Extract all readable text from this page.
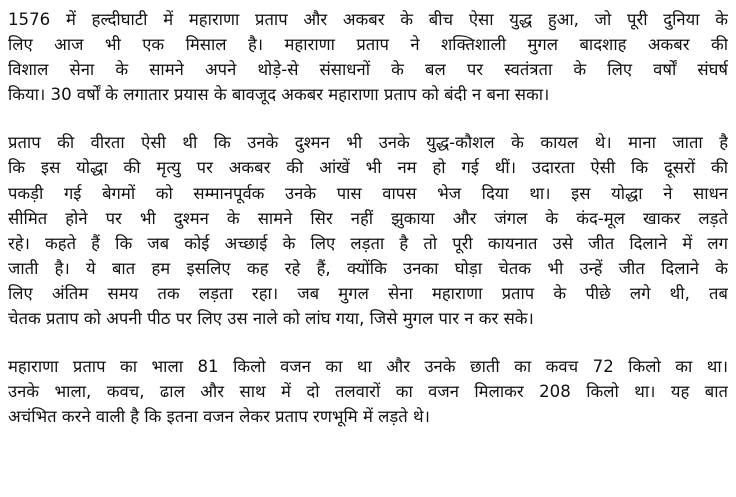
1576 में हल्दीघाटी में महाराणा प्रताप और अकबर के बीच ऐसा युद्ध हुआ, जो पूरी दुनिया के
लिए आज भी एक मिसाल है। महाराणा प्रताप ने शक्तिशाली मुगल बादशाह अकबर की
विशाल सेना के सामने अपने थोड़े-से संसाधनों के बल पर स्वतंत्रता के लिए वर्षों संघर्ष
किया। 30 वर्षों के लगातार प्रयास के बावजूद अकबर महाराणा प्रताप को बंदी न बना सका।
प्रताप की वीरता ऐसी थी कि उनके दुश्मन भी उनके युद्ध-कौशल के कायल थे। माना जाता है
कि इस योद्धा की मृत्यु पर अकबर की आंखें भी नम हो गई थीं। उदारता ऐसी कि दूसरों की
पकड़ी गई बेगमों को सम्मानपूर्वक उनके पास वापस भेज दिया था। इस योद्धा ने साधन
सीमित होने पर भी दुश्मन के सामने सिर नहीं झुकाया और जंगल के कंद-मूल खाकर लड़ते
रहे। कहते हैं कि जब कोई अच्छाई के लिए लड़ता है तो पूरी कायनात उसे जीत दिलाने में लग
जाती है। ये बात हम इसलिए कह रहे हैं, क्योंकि उनका घोड़ा चेतक भी उन्हें जीत दिलाने के
लिए अंतिम समय तक लड़ता रहा। जब मुगल सेना महाराणा प्रताप के पीछे लगे थी, तब
चेतक प्रताप को अपनी पीठ पर लिए उस नाले को लांघ गया, जिसे मुगल पार न कर सके।
महाराणा प्रताप का भाला 81 किलो वजन का था और उनके छाती का कवच 72 किलो का था।
उनके भाला, कवच, ढाल और साथ में दो तलवारों का वजन मिलाकर 208 किलो था। यह बात
अचंभित करने वाली है कि इतना वजन लेकर प्रताप रणभूमि में लड़ते थे।
